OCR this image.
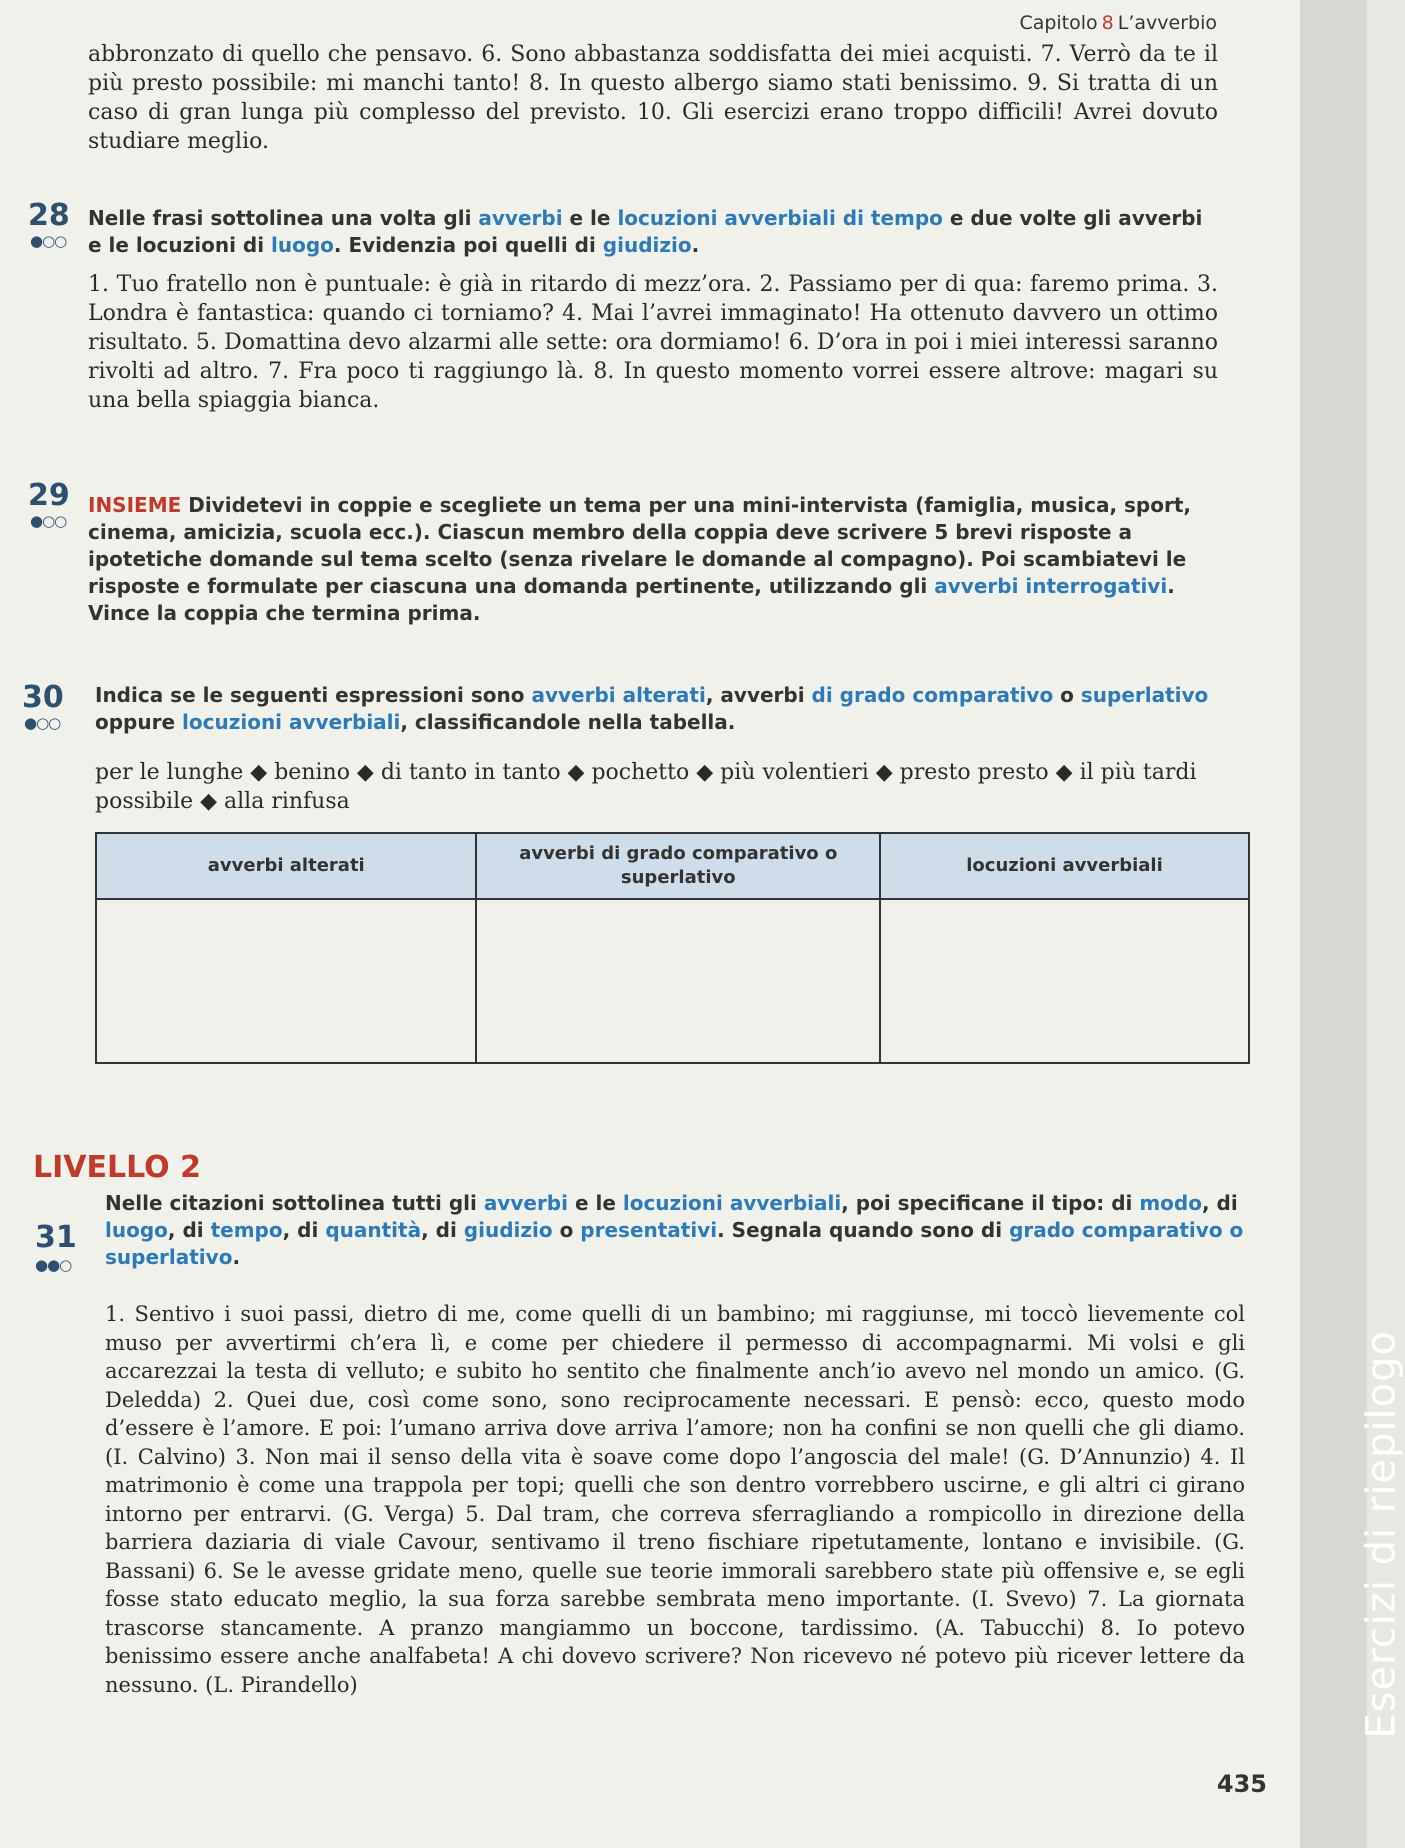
Esercizi di riepilogo
Capitolo 8 L’avverbio
abbronzato di quello che pensavo. 6. Sono abbastanza soddisfatta dei miei acquisti. 7. Verrò da te il più presto possibile: mi manchi tanto! 8. In questo albergo siamo stati benissimo. 9. Si tratta di un caso di gran lunga più complesso del previsto. 10. Gli esercizi erano troppo difficili! Avrei dovuto studiare meglio.
28
●○○
Nelle frasi sottolinea una volta gli avverbi e le locuzioni avverbiali di tempo e due volte gli avverbi e le locuzioni di luogo. Evidenzia poi quelli di giudizio.
1. Tuo fratello non è puntuale: è già in ritardo di mezz’ora. 2. Passiamo per di qua: faremo prima. 3. Londra è fantastica: quando ci torniamo? 4. Mai l’avrei immaginato! Ha ottenuto davvero un ottimo risultato. 5. Domattina devo alzarmi alle sette: ora dormiamo! 6. D’ora in poi i miei interessi saranno rivolti ad altro. 7. Fra poco ti raggiungo là. 8. In questo momento vorrei essere altrove: magari su una bella spiaggia bianca.
29
●○○
INSIEME Dividetevi in coppie e scegliete un tema per una mini-intervista (famiglia, musica, sport, cinema, amicizia, scuola ecc.). Ciascun membro della coppia deve scrivere 5 brevi risposte a ipotetiche domande sul tema scelto (senza rivelare le domande al compagno). Poi scambiatevi le risposte e formulate per ciascuna una domanda pertinente, utilizzando gli avverbi interrogativi. Vince la coppia che termina prima.
30
●○○
Indica se le seguenti espressioni sono avverbi alterati, avverbi di grado comparativo o superlativo oppure locuzioni avverbiali, classificandole nella tabella.
per le lunghe ◆ benino ◆ di tanto in tanto ◆ pochetto ◆ più volentieri ◆ presto presto ◆ il più tardi possibile ◆ alla rinfusa
avverbi alterati	avverbi di grado comparativo o superlativo	locuzioni avverbiali

LIVELLO 2
31
●●○
Nelle citazioni sottolinea tutti gli avverbi e le locuzioni avverbiali, poi specificane il tipo: di modo, di luogo, di tempo, di quantità, di giudizio o presentativi. Segnala quando sono di grado comparativo o superlativo.
1. Sentivo i suoi passi, dietro di me, come quelli di un bambino; mi raggiunse, mi toccò lievemente col muso per avvertirmi ch’era lì, e come per chiedere il permesso di accompagnarmi. Mi volsi e gli accarezzai la testa di velluto; e subito ho sentito che finalmente anch’io avevo nel mondo un amico. (G. Deledda) 2. Quei due, così come sono, sono reciprocamente necessari. E pensò: ecco, questo modo d’essere è l’amore. E poi: l’umano arriva dove arriva l’amore; non ha confini se non quelli che gli diamo. (I. Calvino) 3. Non mai il senso della vita è soave come dopo l’angoscia del male! (G. D’Annunzio) 4. Il matrimonio è come una trappola per topi; quelli che son dentro vorrebbero uscirne, e gli altri ci girano intorno per entrarvi. (G. Verga) 5. Dal tram, che correva sferragliando a rompicollo in direzione della barriera daziaria di viale Cavour, sentivamo il treno fischiare ripetutamente, lontano e invisibile. (G. Bassani) 6. Se le avesse gridate meno, quelle sue teorie immorali sarebbero state più offensive e, se egli fosse stato educato meglio, la sua forza sarebbe sembrata meno importante. (I. Svevo) 7. La giornata trascorse stancamente. A pranzo mangiammo un boccone, tardissimo. (A. Tabucchi) 8. Io potevo benissimo essere anche analfabeta! A chi dovevo scrivere? Non ricevevo né potevo più ricever lettere da nessuno. (L. Pirandello)
435
